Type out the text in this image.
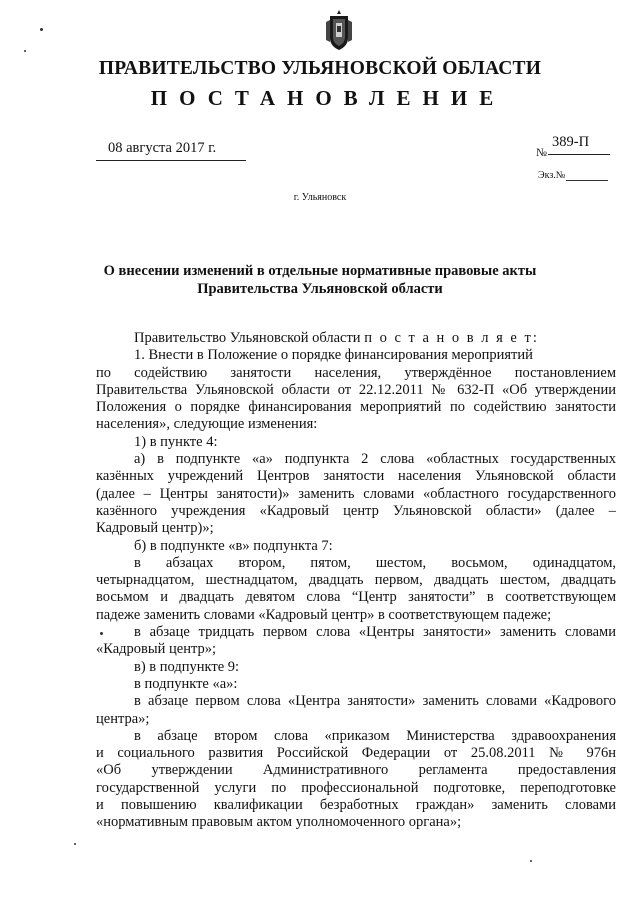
ПРАВИТЕЛЬСТВО УЛЬЯНОВСКОЙ ОБЛАСТИ
ПОСТАНОВЛЕНИЕ
08 августа 2017 г.	389-П
№
Экз.№
г. Ульяновск
О внесении изменений в отдельные нормативные правовые акты
Правительства Ульяновской области
Правительство Ульяновской области п о с т а н о в л я е т:
1. Внести в Положение о порядке финансирования мероприятий
по содействию занятости населения, утверждённое постановлением
Правительства Ульяновской области от 22.12.2011 № 632-П «Об утверждении
Положения о порядке финансирования мероприятий по содействию занятости
населения», следующие изменения:
1) в пункте 4:
а) в подпункте «а» подпункта 2 слова «областных государственных
казённых учреждений Центров занятости населения Ульяновской области
(далее – Центры занятости)» заменить словами «областного государственного
казённого учреждения «Кадровый центр Ульяновской области» (далее –
Кадровый центр)»;
б) в подпункте «в» подпункта 7:
в абзацах втором, пятом, шестом, восьмом, одинадцатом,
четырнадцатом, шестнадцатом, двадцать первом, двадцать шестом, двадцать
восьмом и двадцать девятом слова “Центр занятости” в соответствующем
падеже заменить словами «Кадровый центр» в соответствующем падеже;
в абзаце тридцать первом слова «Центры занятости» заменить словами
«Кадровый центр»;
в) в подпункте 9:
в подпункте «а»:
в абзаце первом слова «Центра занятости» заменить словами «Кадрового
центра»;
в абзаце втором слова «приказом Министерства здравоохранения
и социального развития Российской Федерации от 25.08.2011 № 976н
«Об утверждении Административного регламента предоставления
государственной услуги по профессиональной подготовке, переподготовке
и повышению квалификации безработных граждан» заменить словами
«нормативным правовым актом уполномоченного органа»;
